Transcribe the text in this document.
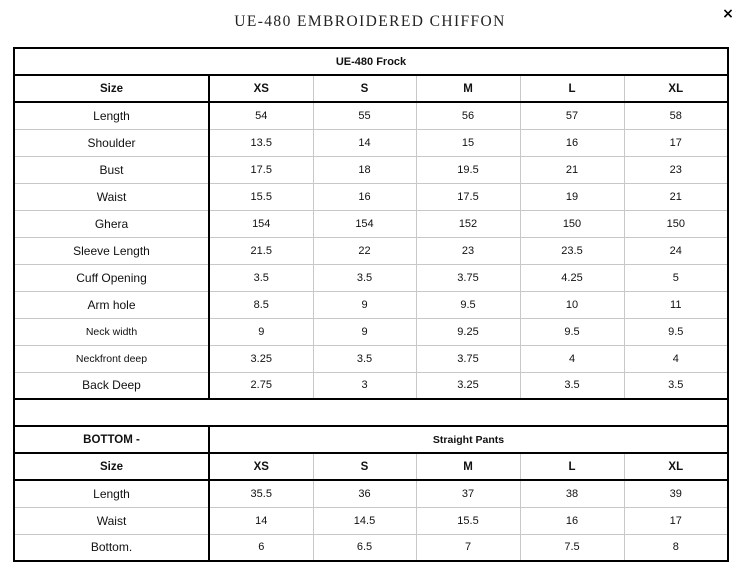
UE-480 EMBROIDERED CHIFFON	×
UE-480 Frock					
Size	XS	S	M	L	XL
Length	54	55	56	57	58
Shoulder	13.5	14	15	16	17
Bust	17.5	18	19.5	21	23
Waist	15.5	16	17.5	19	21
Ghera	154	154	152	150	150
Sleeve Length	21.5	22	23	23.5	24
Cuff Opening	3.5	3.5	3.75	4.25	5
Arm hole	8.5	9	9.5	10	11
Neck width	9	9	9.25	9.5	9.5
Neckfront deep	3.25	3.5	3.75	4	4
Back Deep	2.75	3	3.25	3.5	3.5

BOTTOM -	Straight Pants				
Size	XS	S	M	L	XL
Length	35.5	36	37	38	39
Waist	14	14.5	15.5	16	17
Bottom.	6	6.5	7	7.5	8
